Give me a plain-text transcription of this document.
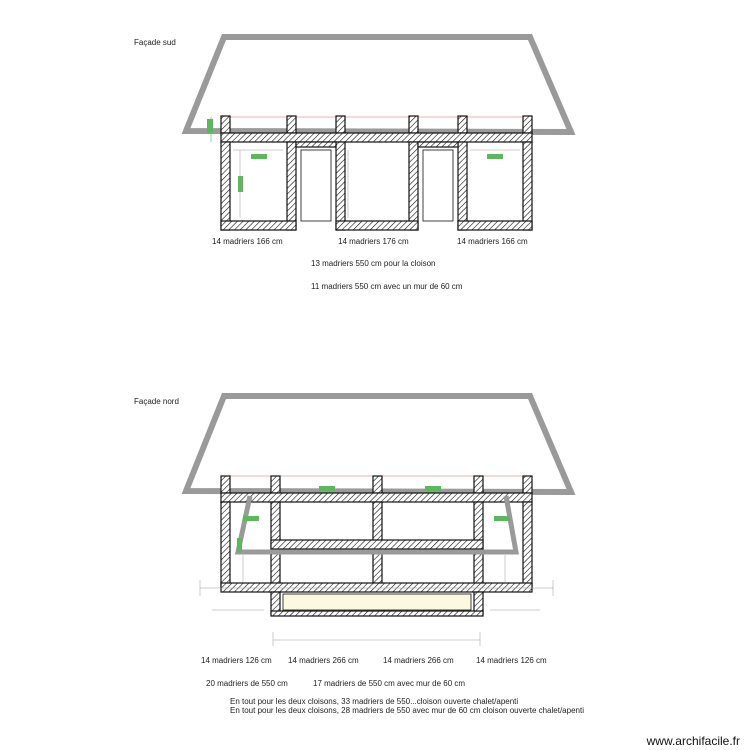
Façade sud
14 madriers 166 cm	14 madriers 176 cm	14 madriers 166 cm
13 madriers 550 cm pour la cloison
11 madriers 550 cm avec un mur de 60 cm
Façade nord
14 madriers 126 cm 14 madriers 266 cm	14 madriers 266 cm	14 madriers 126 cm
20 madriers de 550 cm	17 madriers de 550 cm avec mur de 60 cm
En tout pour les deux cloisons, 33 madriers de 550...cloison ouverte chalet/apenti
En tout pour les deux cloisons, 28 madriers de 550 avec mur de 60 cm cloison ouverte chalet/apenti
www.archifacile.fr
